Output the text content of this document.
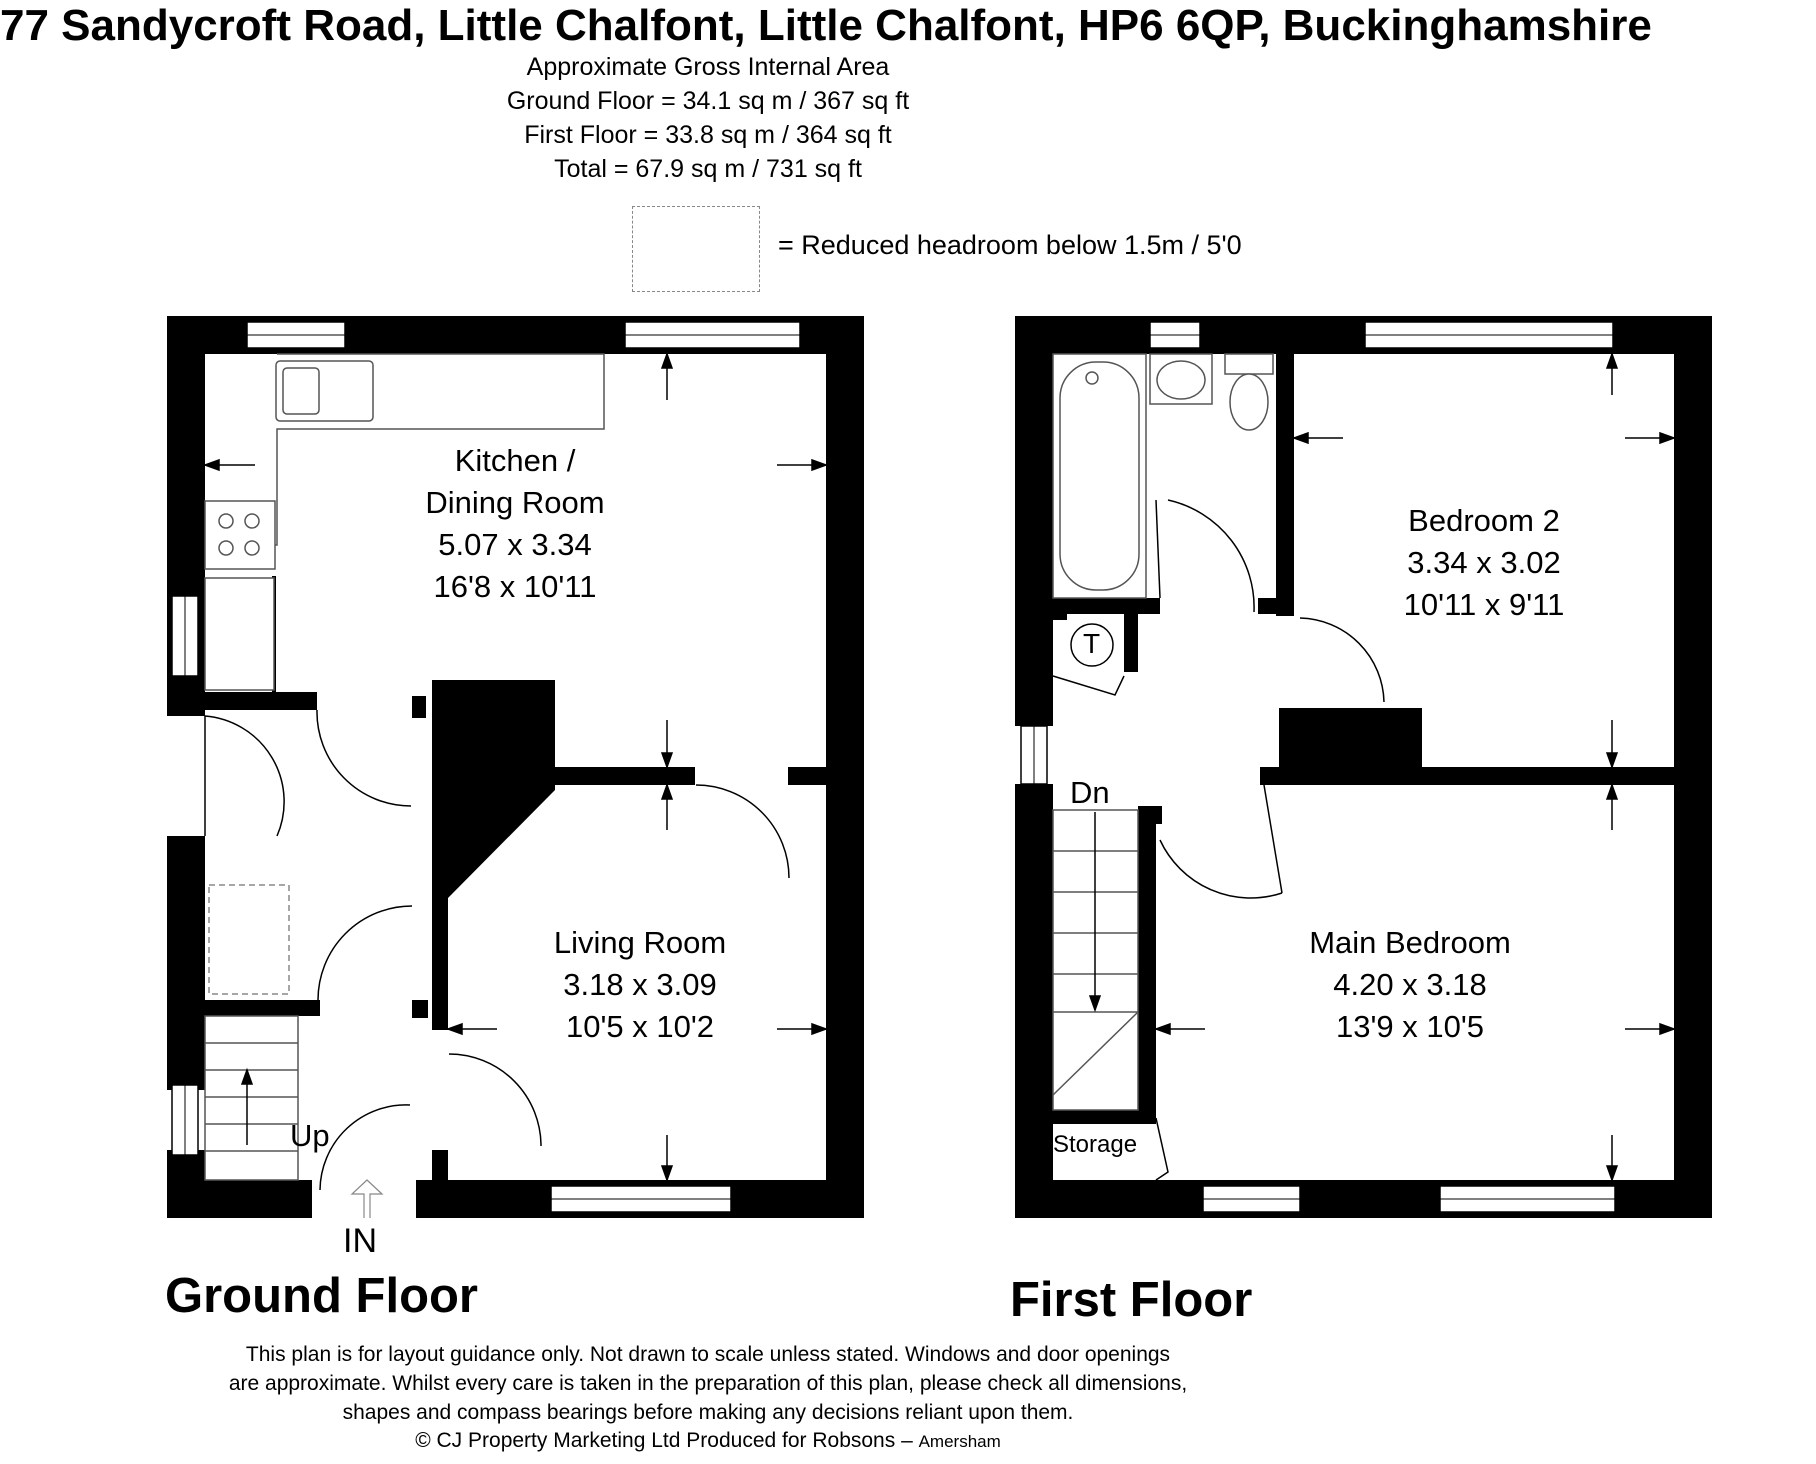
77 Sandycroft Road, Little Chalfont, Little Chalfont, HP6 6QP, Buckinghamshire
Approximate Gross Internal Area
Ground Floor = 34.1 sq m / 367 sq ft
First Floor = 33.8 sq m / 364 sq ft
Total = 67.9 sq m / 731 sq ft
= Reduced headroom below 1.5m / 5'0
Kitchen /
Dining Room
5.07 x 3.34
16'8 x 10'11
Living Room
3.18 x 3.09
10'5 x 10'2
Up
IN
Ground Floor
Bedroom 2
3.34 x 3.02
10'11 x 9'11
Main Bedroom
4.20 x 3.18
13'9 x 10'5
Dn
Storage
T
First Floor
This plan is for layout guidance only. Not drawn to scale unless stated. Windows and door openings
are approximate. Whilst every care is taken in the preparation of this plan, please check all dimensions,
shapes and compass bearings before making any decisions reliant upon them.
© CJ Property Marketing Ltd Produced for Robsons – Amersham
